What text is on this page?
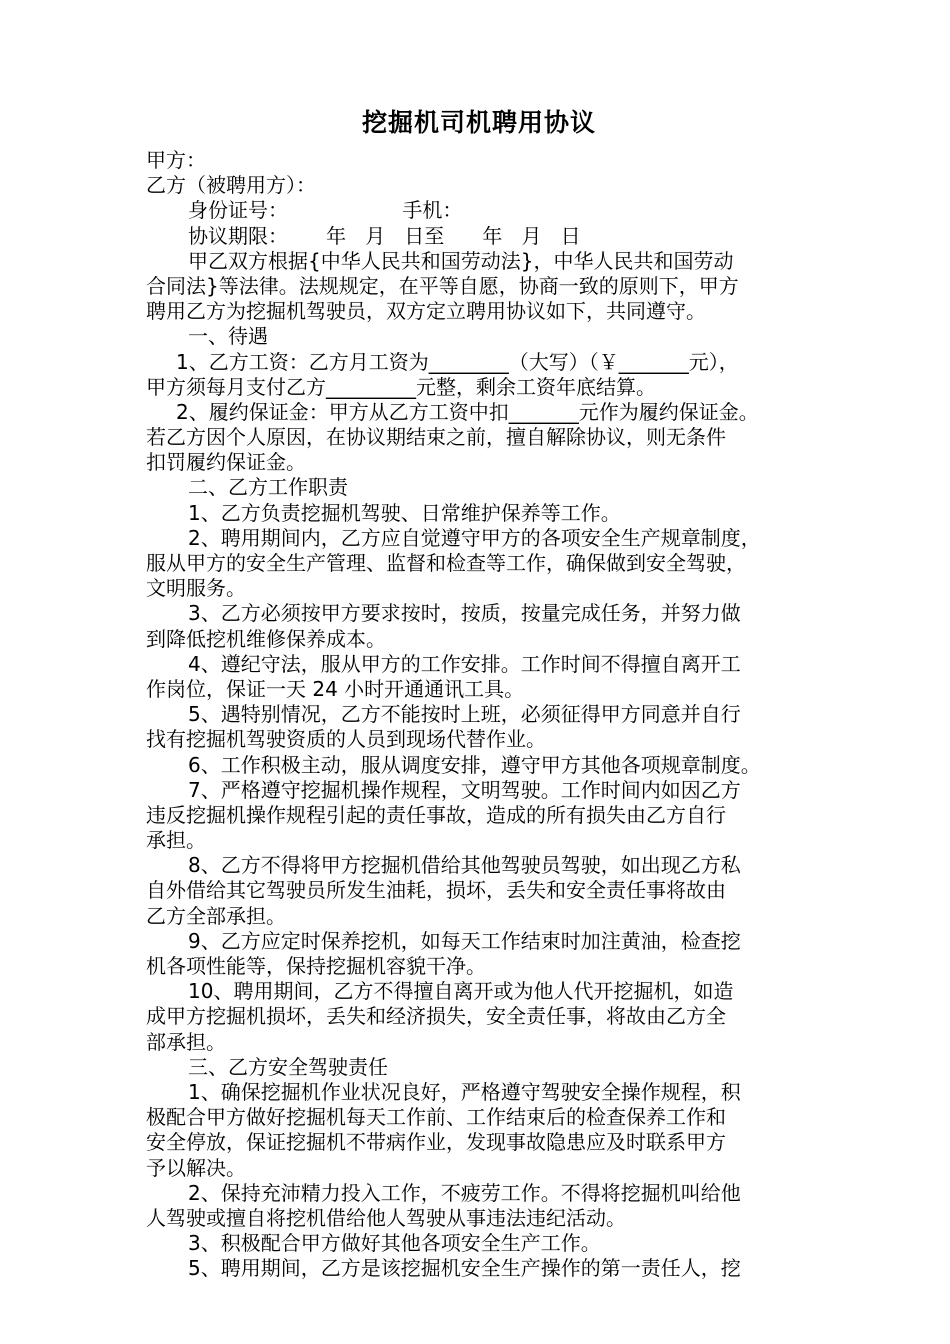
挖掘机司机聘用协议
甲方：
乙方（被聘用方）：
身份证号：                  手机：
协议期限：      年   月   日至      年   月   日
甲乙双方根据{中华人民共和国劳动法}，中华人民共和国劳动
合同法}等法律。法规规定，在平等自愿，协商一致的原则下，甲方
聘用乙方为挖掘机驾驶员，双方定立聘用协议如下，共同遵守。
一、待遇
1、乙方工资：乙方月工资为________（大写）（￥_______元），
甲方须每月支付乙方_________元整，剩余工资年底结算。
2、履约保证金：甲方从乙方工资中扣_______元作为履约保证金。
若乙方因个人原因，在协议期结束之前，擅自解除协议，则无条件
扣罚履约保证金。
二、乙方工作职责
1、乙方负责挖掘机驾驶、日常维护保养等工作。
2、聘用期间内，乙方应自觉遵守甲方的各项安全生产规章制度，
服从甲方的安全生产管理、监督和检查等工作，确保做到安全驾驶，
文明服务。
3、乙方必须按甲方要求按时，按质，按量完成任务，并努力做
到降低挖机维修保养成本。
4、遵纪守法，服从甲方的工作安排。工作时间不得擅自离开工
作岗位，保证一天 24 小时开通通讯工具。
5、遇特别情况，乙方不能按时上班，必须征得甲方同意并自行
找有挖掘机驾驶资质的人员到现场代替作业。
6、工作积极主动，服从调度安排，遵守甲方其他各项规章制度。
7、严格遵守挖掘机操作规程，文明驾驶。工作时间内如因乙方
违反挖掘机操作规程引起的责任事故，造成的所有损失由乙方自行
承担。
8、乙方不得将甲方挖掘机借给其他驾驶员驾驶，如出现乙方私
自外借给其它驾驶员所发生油耗，损坏，丢失和安全责任事将故由
乙方全部承担。
9、乙方应定时保养挖机，如每天工作结束时加注黄油，检查挖
机各项性能等，保持挖掘机容貌干净。
10、聘用期间，乙方不得擅自离开或为他人代开挖掘机，如造
成甲方挖掘机损坏，丢失和经济损失，安全责任事，将故由乙方全
部承担。
三、乙方安全驾驶责任
1、确保挖掘机作业状况良好，严格遵守驾驶安全操作规程，积
极配合甲方做好挖掘机每天工作前、工作结束后的检查保养工作和
安全停放，保证挖掘机不带病作业，发现事故隐患应及时联系甲方
予以解决。
2、保持充沛精力投入工作，不疲劳工作。不得将挖掘机叫给他
人驾驶或擅自将挖机借给他人驾驶从事违法违纪活动。
3、积极配合甲方做好其他各项安全生产工作。
5、聘用期间，乙方是该挖掘机安全生产操作的第一责任人，挖
